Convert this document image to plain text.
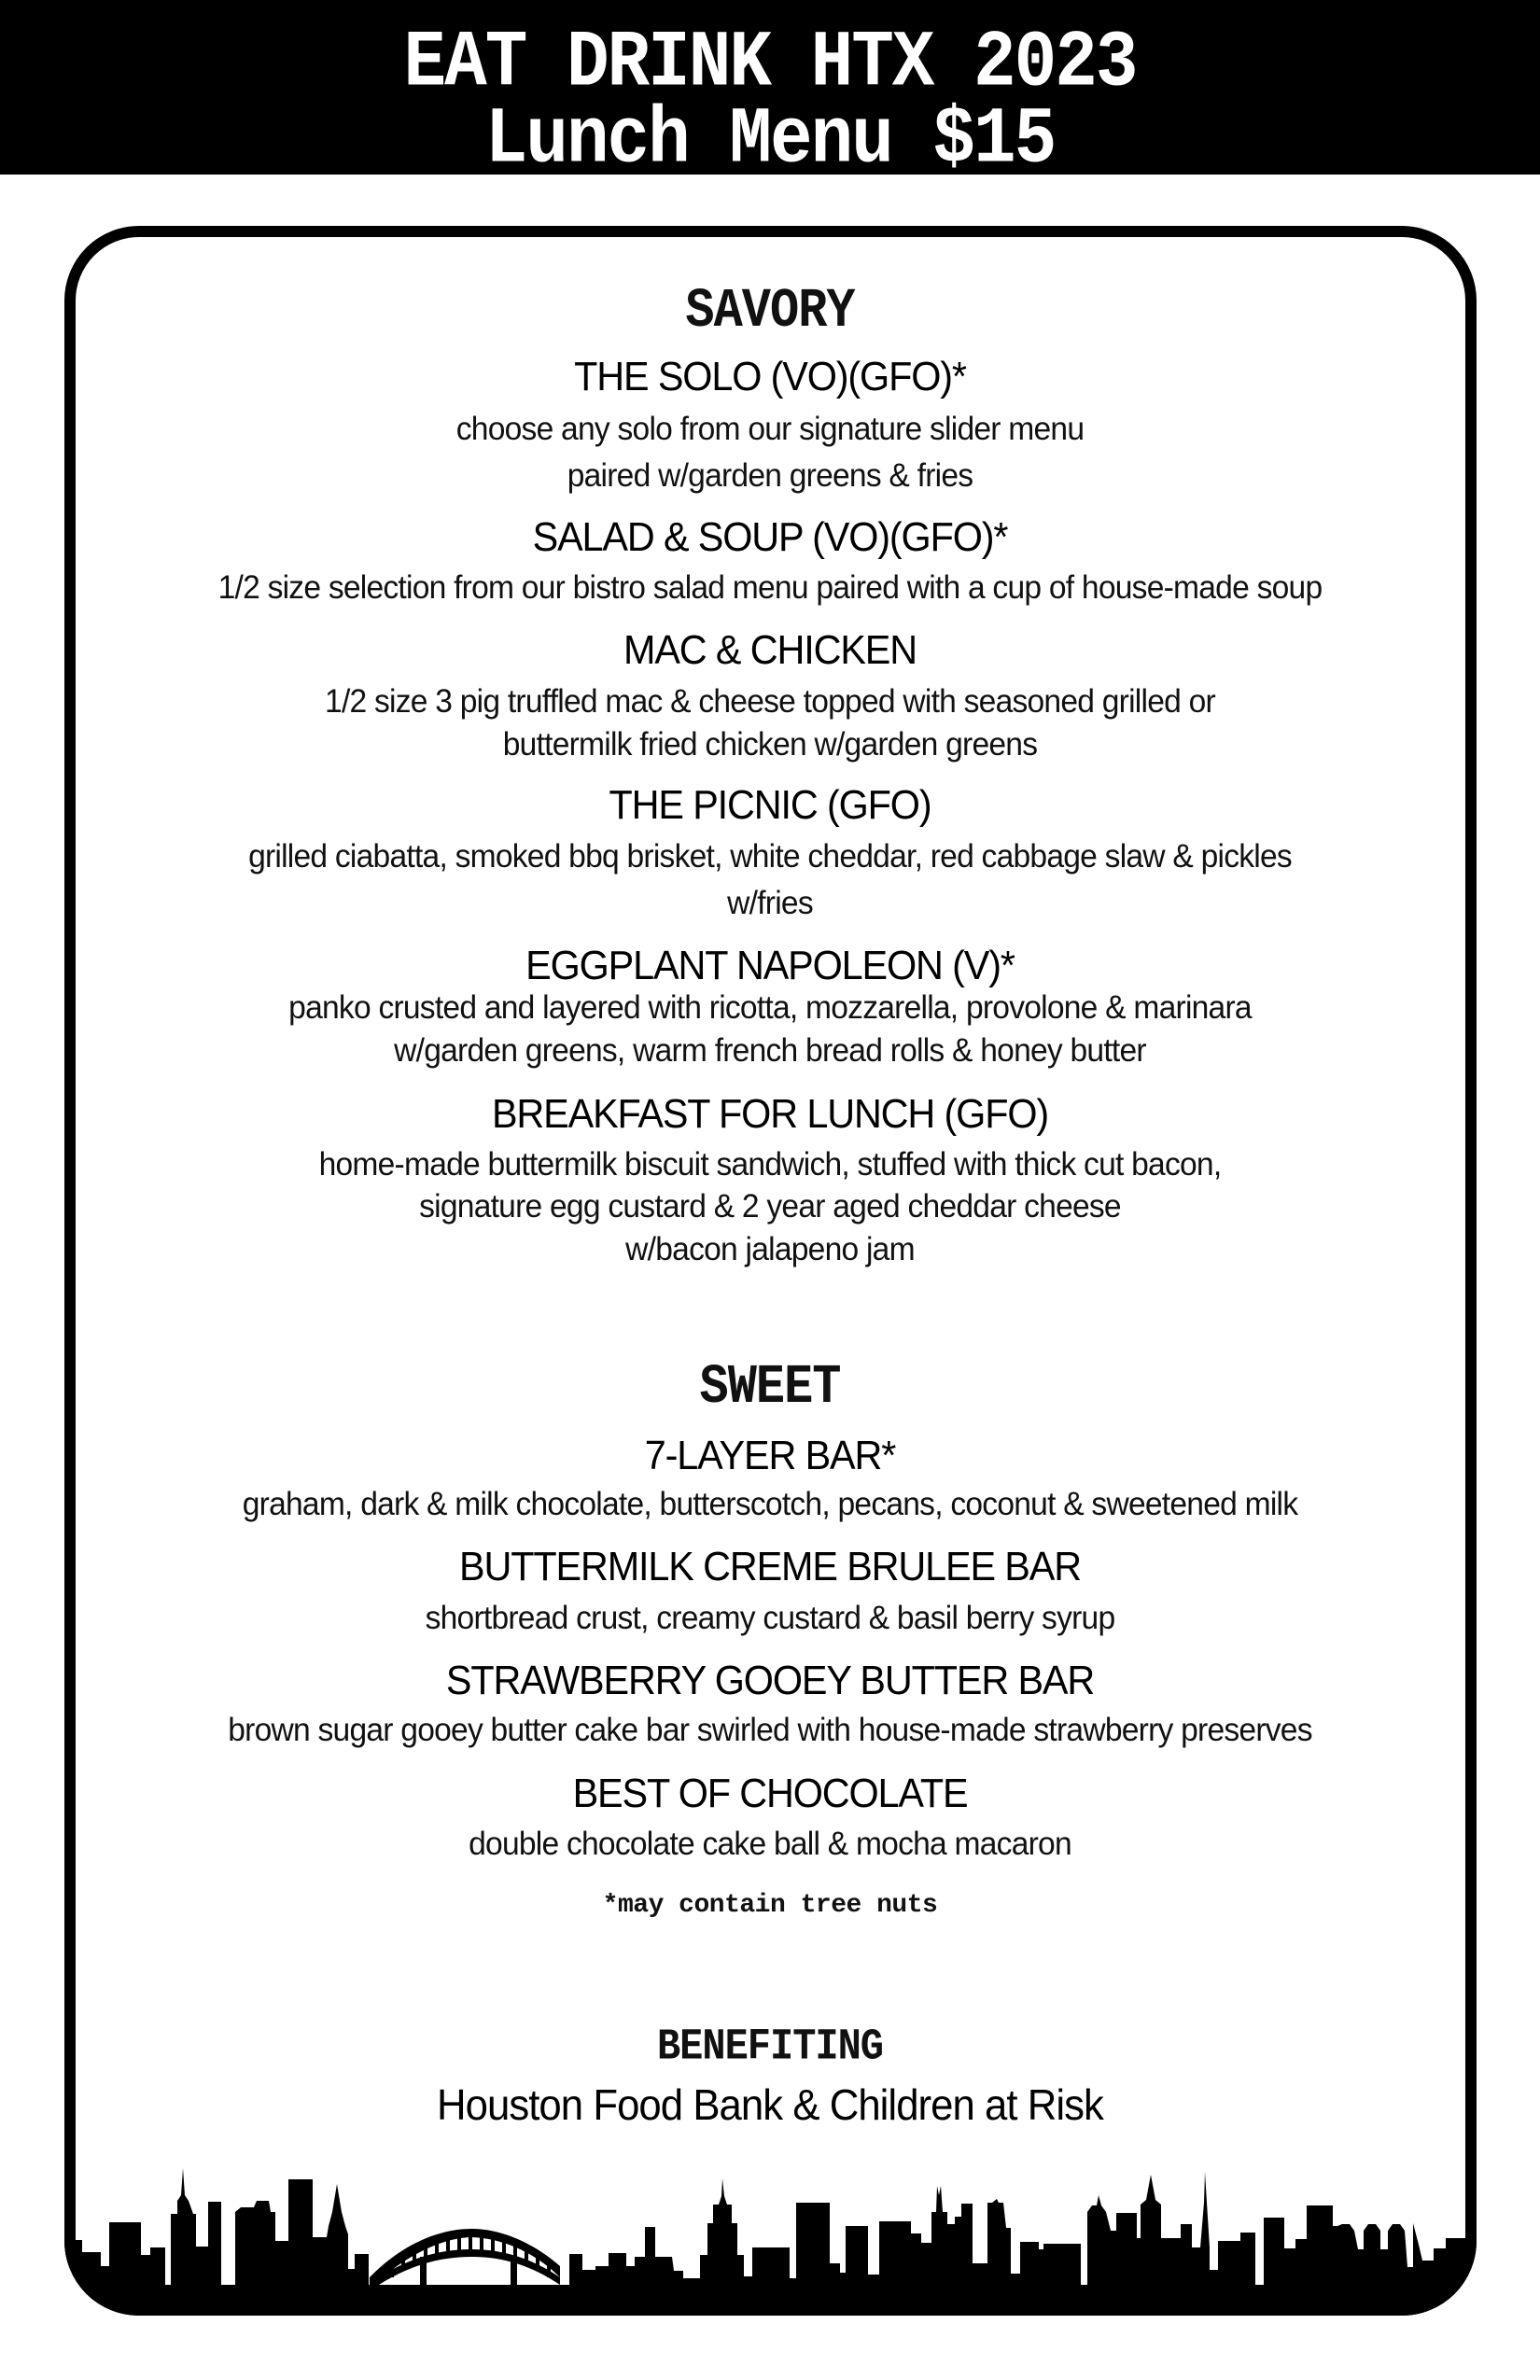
EAT DRINK HTX 2023
Lunch Menu $15
SAVORY
THE SOLO (VO)(GFO)*
choose any solo from our signature slider menu
paired w/garden greens & fries
SALAD & SOUP (VO)(GFO)*
1/2 size selection from our bistro salad menu paired with a cup of house-made soup
MAC & CHICKEN
1/2 size 3 pig truffled mac & cheese topped with seasoned grilled or
buttermilk fried chicken w/garden greens
THE PICNIC (GFO)
grilled ciabatta, smoked bbq brisket, white cheddar, red cabbage slaw & pickles
w/fries
EGGPLANT NAPOLEON (V)*
panko crusted and layered with ricotta, mozzarella, provolone & marinara
w/garden greens, warm french bread rolls & honey butter
BREAKFAST FOR LUNCH (GFO)
home-made buttermilk biscuit sandwich, stuffed with thick cut bacon,
signature egg custard & 2 year aged cheddar cheese
w/bacon jalapeno jam
SWEET
7-LAYER BAR*
graham, dark & milk chocolate, butterscotch, pecans, coconut & sweetened milk
BUTTERMILK CREME BRULEE BAR
shortbread crust, creamy custard & basil berry syrup
STRAWBERRY GOOEY BUTTER BAR
brown sugar gooey butter cake bar swirled with house-made strawberry preserves
BEST OF CHOCOLATE
double chocolate cake ball & mocha macaron
*may contain tree nuts
BENEFITING
Houston Food Bank & Children at Risk
